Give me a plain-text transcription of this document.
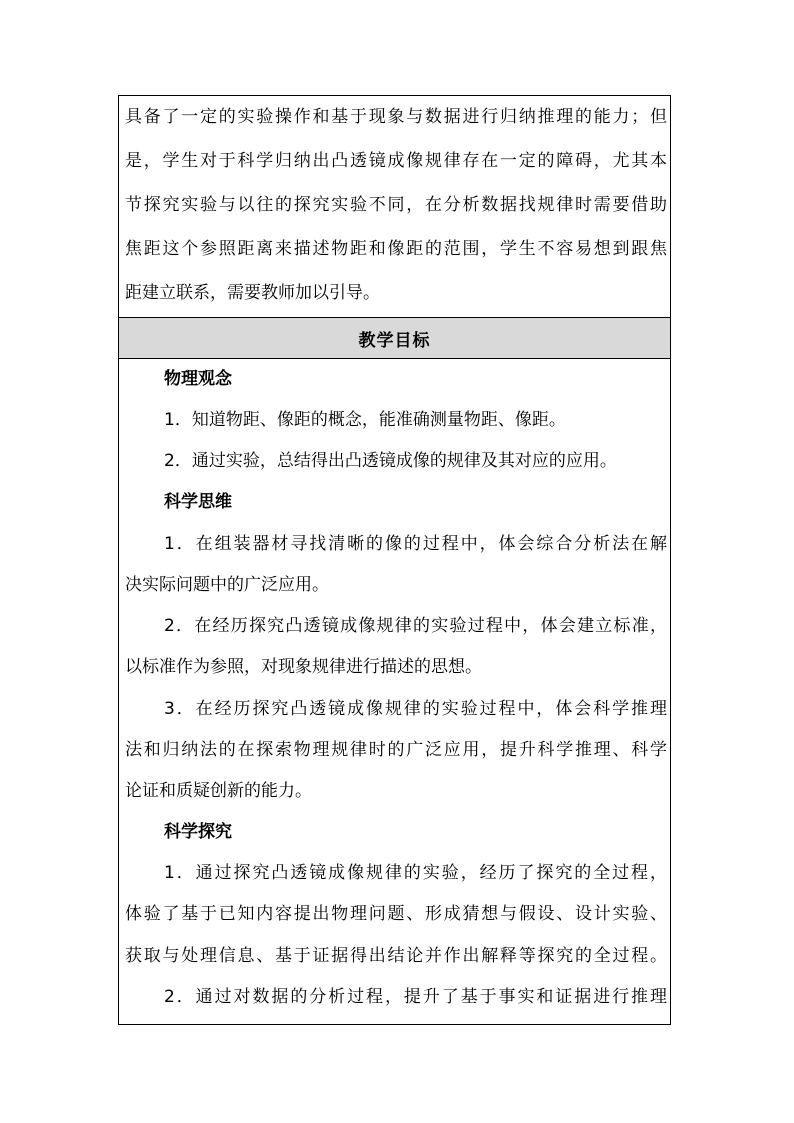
具备了一定的实验操作和基于现象与数据进行归纳推理的能力；但
是，学生对于科学归纳出凸透镜成像规律存在一定的障碍，尤其本
节探究实验与以往的探究实验不同，在分析数据找规律时需要借助
焦距这个参照距离来描述物距和像距的范围，学生不容易想到跟焦
距建立联系，需要教师加以引导。
教学目标
物理观念
1．知道物距、像距的概念，能准确测量物距、像距。
2．通过实验，总结得出凸透镜成像的规律及其对应的应用。
科学思维
1．在组装器材寻找清晰的像的过程中，体会综合分析法在解
决实际问题中的广泛应用。
2．在经历探究凸透镜成像规律的实验过程中，体会建立标准，
以标准作为参照，对现象规律进行描述的思想。
3．在经历探究凸透镜成像规律的实验过程中，体会科学推理
法和归纳法的在探索物理规律时的广泛应用，提升科学推理、科学
论证和质疑创新的能力。
科学探究
1．通过探究凸透镜成像规律的实验，经历了探究的全过程，
体验了基于已知内容提出物理问题、形成猜想与假设、设计实验、
获取与处理信息、基于证据得出结论并作出解释等探究的全过程。
2．通过对数据的分析过程，提升了基于事实和证据进行推理
